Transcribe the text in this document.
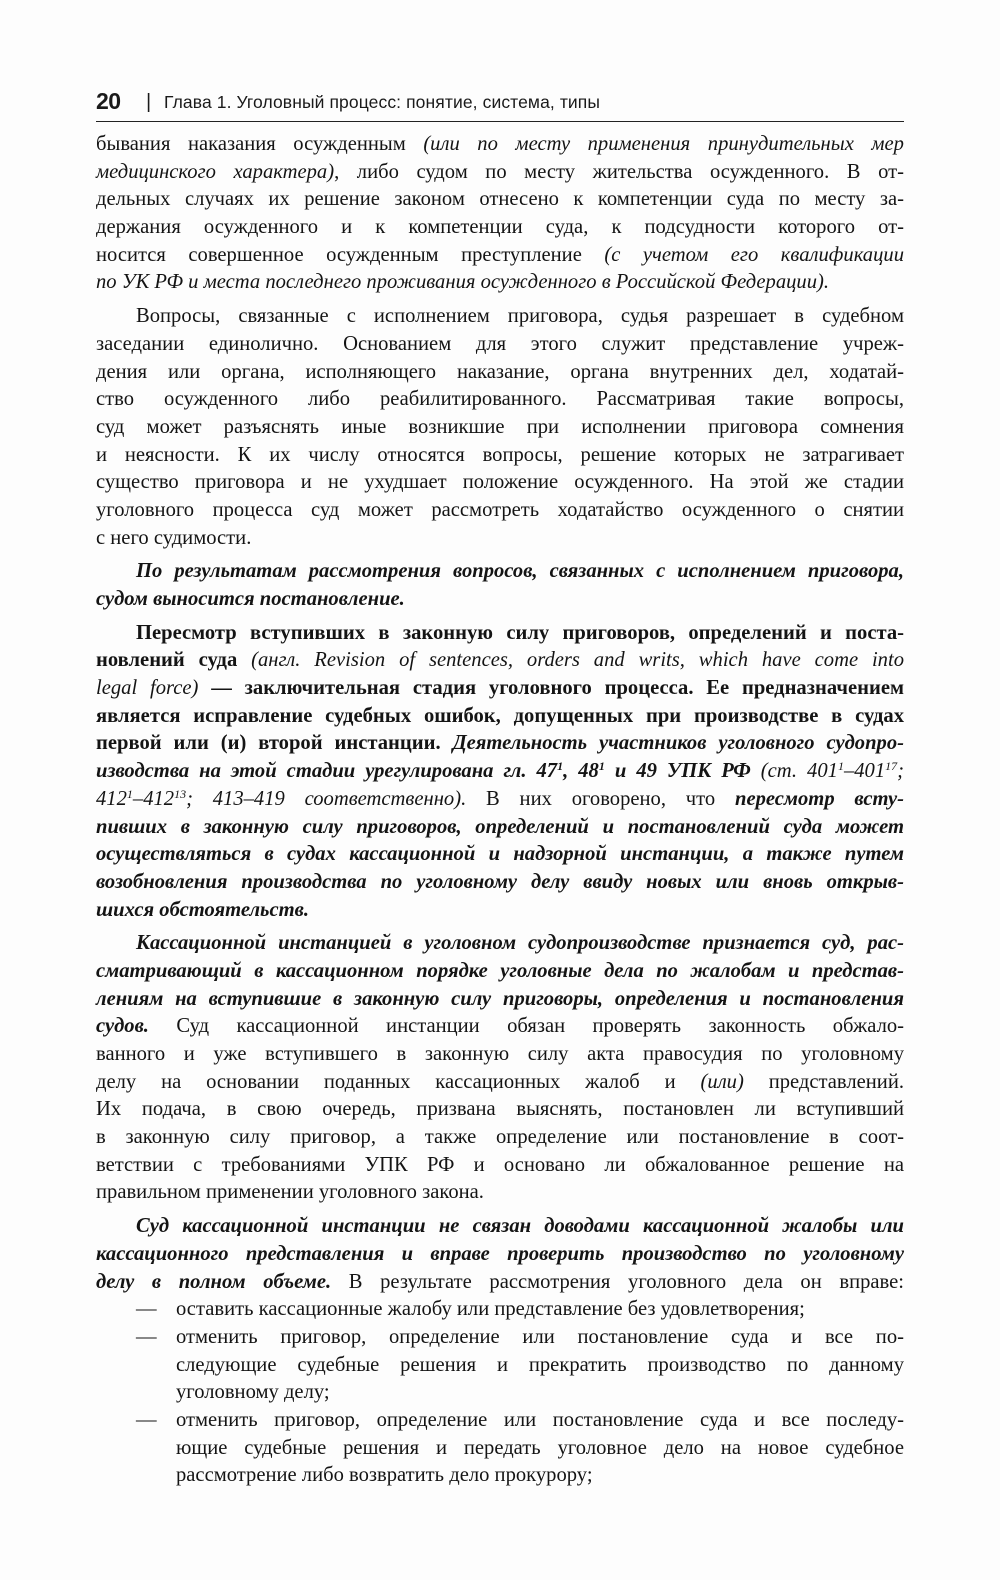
20 | Глава 1. Уголовный процесс: понятие, система, типы
бывания наказания осужденным (или по месту применения принудительных мер
медицинского характера), либо судом по месту жительства осужденного. В от-
дельных случаях их решение законом отнесено к компетенции суда по месту за-
держания осужденного и к компетенции суда, к подсудности которого от-
носится совершенное осужденным преступление (с учетом его квалификации
по УК РФ и места последнего проживания осужденного в Российской Федерации).
Вопросы, связанные с исполнением приговора, судья разрешает в судебном
заседании единолично. Основанием для этого служит представление учреж-
дения или органа, исполняющего наказание, органа внутренних дел, ходатай-
ство осужденного либо реабилитированного. Рассматривая такие вопросы,
суд может разъяснять иные возникшие при исполнении приговора сомнения
и неясности. К их числу относятся вопросы, решение которых не затрагивает
существо приговора и не ухудшает положение осужденного. На этой же стадии
уголовного процесса суд может рассмотреть ходатайство осужденного о снятии
с него судимости.
По результатам рассмотрения вопросов, связанных с исполнением приговора,
судом выносится постановление.
Пересмотр вступивших в законную силу приговоров, определений и поста-
новлений суда (англ. Revision of sentences, orders and writs, which have come into
legal force) — заключительная стадия уголовного процесса. Ее предназначением
является исправление судебных ошибок, допущенных при производстве в судах
первой или (и) второй инстанции. Деятельность участников уголовного судопро-
изводства на этой стадии урегулирована гл. $47^1$, $48^1$ и 49 УПК РФ (ст. $401^1-401^{17}$;
$412^1-412^{13}$; 413–419 соответственно). В них оговорено, что пересмотр всту-
пивших в законную силу приговоров, определений и постановлений суда может
осуществляться в судах кассационной и надзорной инстанции, а также путем
возобновления производства по уголовному делу ввиду новых или вновь открыв-
шихся обстоятельств.
Кассационной инстанцией в уголовном судопроизводстве признается суд, рас-
сматривающий в кассационном порядке уголовные дела по жалобам и представ-
лениям на вступившие в законную силу приговоры, определения и постановления
судов. Суд кассационной инстанции обязан проверять законность обжало-
ванного и уже вступившего в законную силу акта правосудия по уголовному
делу на основании поданных кассационных жалоб и (или) представлений.
Их подача, в свою очередь, призвана выяснять, постановлен ли вступивший
в законную силу приговор, а также определение или постановление в соот-
ветствии с требованиями УПК РФ и основано ли обжалованное решение на
правильном применении уголовного закона.
Суд кассационной инстанции не связан доводами кассационной жалобы или
кассационного представления и вправе проверить производство по уголовному
делу в полном объеме. В результате рассмотрения уголовного дела он вправе:
— оставить кассационные жалобу или представление без удовлетворения;
— отменить приговор, определение или постановление суда и все по-
следующие судебные решения и прекратить производство по данному
уголовному делу;
— отменить приговор, определение или постановление суда и все последу-
ющие судебные решения и передать уголовное дело на новое судебное
рассмотрение либо возвратить дело прокурору;
